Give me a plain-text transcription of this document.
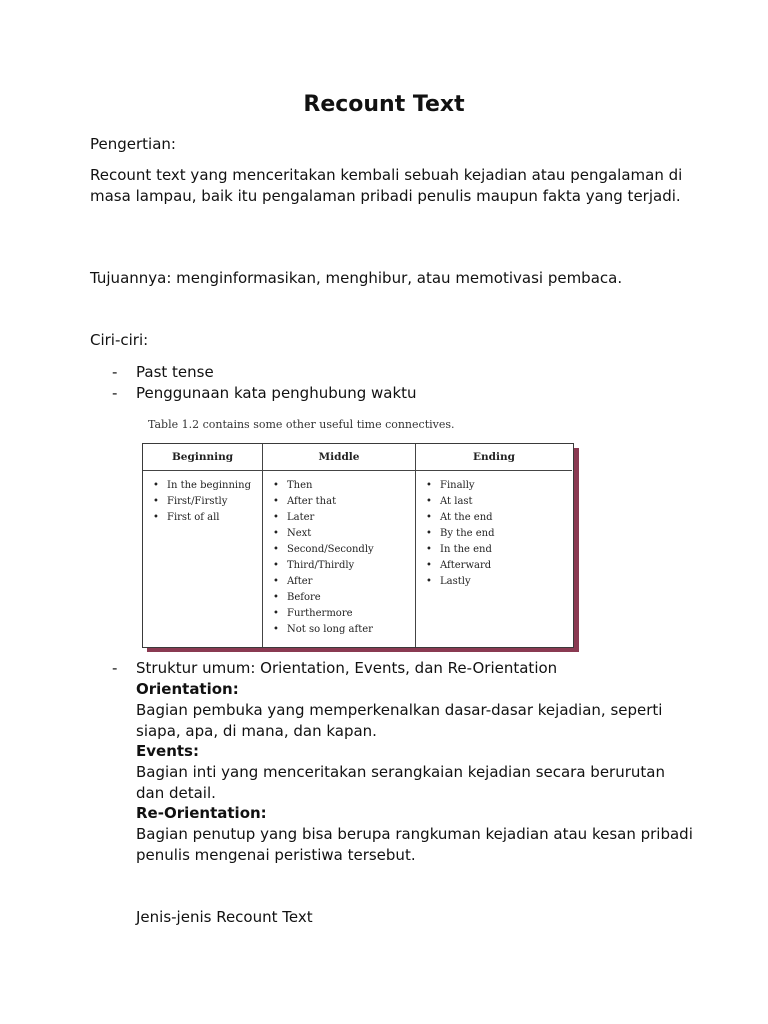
Recount Text
Pengertian:
Recount text yang menceritakan kembali sebuah kejadian atau pengalaman di masa lampau, baik itu pengalaman pribadi penulis maupun fakta yang terjadi.
Tujuannya: menginformasikan, menghibur, atau memotivasi pembaca.
Ciri-ciri:
- Past tense
- Penggunaan kata penghubung waktu
Table 1.2 contains some other useful time connectives.
Beginning
• In the beginning
• First/Firstly
• First of all
Middle
• Then
• After that
• Later
• Next
• Second/Secondly
• Third/Thirdly
• After
• Before
• Furthermore
• Not so long after
Ending
• Finally
• At last
• At the end
• By the end
• In the end
• Afterward
• Lastly
- Struktur umum: Orientation, Events, dan Re-Orientation
Orientation:
Bagian pembuka yang memperkenalkan dasar-dasar kejadian, seperti siapa, apa, di mana, dan kapan.
Events:
Bagian inti yang menceritakan serangkaian kejadian secara berurutan dan detail.
Re-Orientation:
Bagian penutup yang bisa berupa rangkuman kejadian atau kesan pribadi penulis mengenai peristiwa tersebut.
Jenis-jenis Recount Text
